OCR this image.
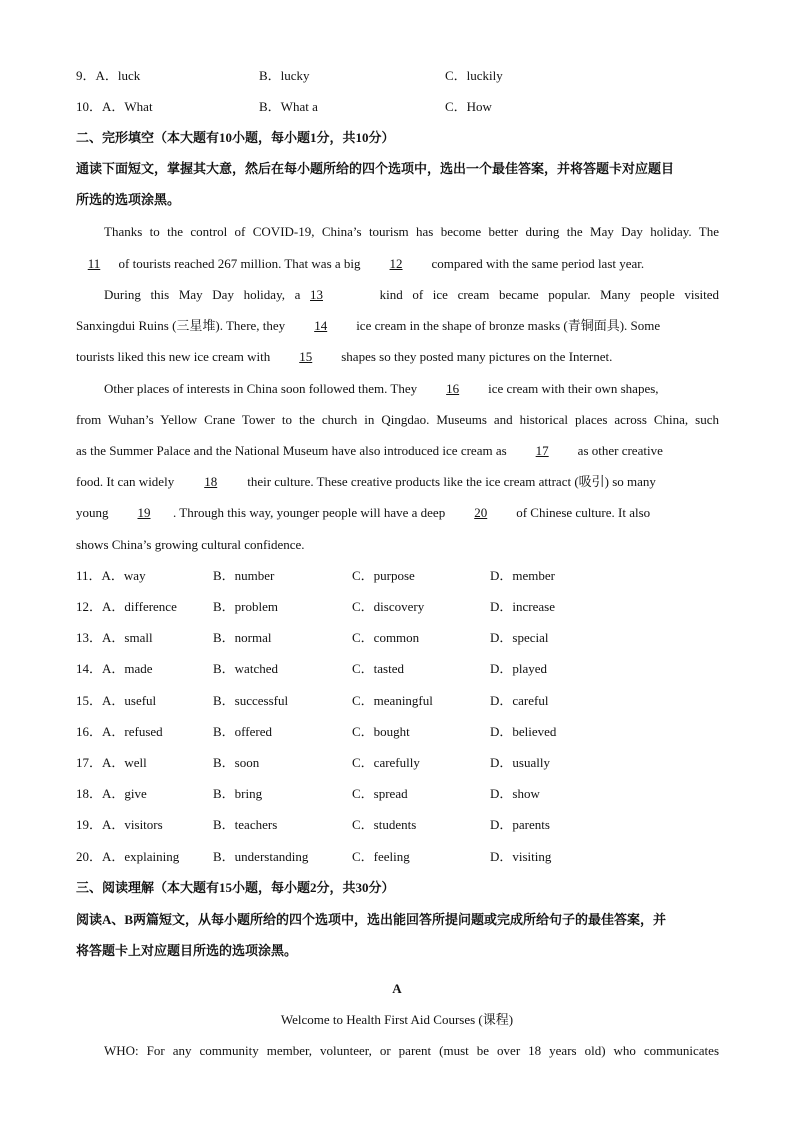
9．A．luck	B．lucky	C．luckily
10．A．What	B．What a	C．How
二、完形填空（本大题有10小题，每小题1分，共10分）
通读下面短文，掌握其大意，然后在每小题所给的四个选项中，选出一个最佳答案，并将答题卡对应题目
所选的选项涂黑。
Thanks to the control of COVID-19, China’s tourism has become better during the May Day holiday. The
11 of tourists reached 267 million. That was a big 12 compared with the same period last year.
During this May Day holiday, a 13	kind of ice cream became popular. Many people visited
Sanxingdui Ruins (三星堆). There, they 14 ice cream in the shape of bronze masks (青铜面具). Some
tourists liked this new ice cream with 15 shapes so they posted many pictures on the Internet.
Other places of interests in China soon followed them. They 16 ice cream with their own shapes,
from Wuhan’s Yellow Crane Tower to the church in Qingdao. Museums and historical places across China, such
as the Summer Palace and the National Museum have also introduced ice cream as 17 as other creative
food. It can widely 18 their culture. These creative products like the ice cream attract (吸引) so many
young 19 . Through this way, younger people will have a deep 20 of Chinese culture. It also
shows China’s growing cultural confidence.
11．A．way	B．number	C．purpose	D．member
12．A．difference	B．problem	C．discovery	D．increase
13．A．small	B．normal	C．common	D．special
14．A．made	B．watched	C．tasted	D．played
15．A．useful	B．successful	C．meaningful	D．careful
16．A．refused	B．offered	C．bought	D．believed
17．A．well	B．soon	C．carefully	D．usually
18．A．give	B．bring	C．spread	D．show
19．A．visitors	B．teachers	C．students	D．parents
20．A．explaining	B．understanding	C．feeling	D．visiting
三、阅读理解（本大题有15小题，每小题2分，共30分）
阅读A、B两篇短文，从每小题所给的四个选项中，选出能回答所提问题或完成所给句子的最佳答案，并
将答题卡上对应题目所选的选项涂黑。
A
Welcome to Health First Aid Courses (课程)
WHO: For any community member, volunteer, or parent (must be over 18 years old) who communicates
